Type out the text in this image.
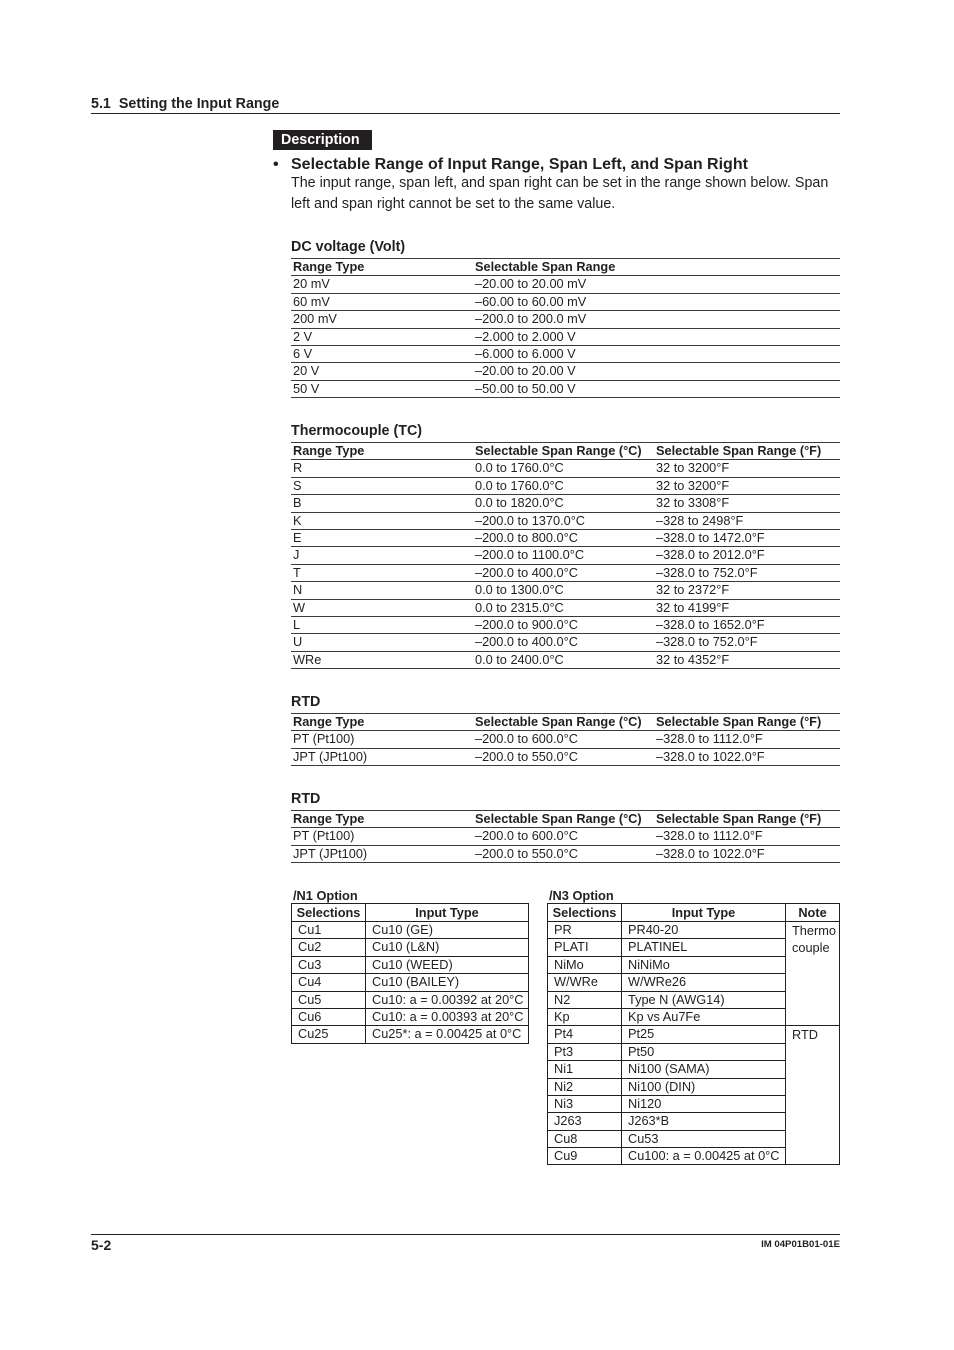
5.1 Setting the Input Range
Description
• Selectable Range of Input Range, Span Left, and Span Right
The input range, span left, and span right can be set in the range shown below. Span
left and span right cannot be set to the same value.
DC voltage (Volt)
Range Type	Selectable Span Range
20 mV	–20.00 to 20.00 mV
60 mV	–60.00 to 60.00 mV
200 mV	–200.0 to 200.0 mV
2 V	–2.000 to 2.000 V
6 V	–6.000 to 6.000 V
20 V	–20.00 to 20.00 V
50 V	–50.00 to 50.00 V
Thermocouple (TC)
Range Type	Selectable Span Range (°C)	Selectable Span Range (°F)
R	0.0 to 1760.0°C	32 to 3200°F
S	0.0 to 1760.0°C	32 to 3200°F
B	0.0 to 1820.0°C	32 to 3308°F
K	–200.0 to 1370.0°C	–328 to 2498°F
E	–200.0 to 800.0°C	–328.0 to 1472.0°F
J	–200.0 to 1100.0°C	–328.0 to 2012.0°F
T	–200.0 to 400.0°C	–328.0 to 752.0°F
N	0.0 to 1300.0°C	32 to 2372°F
W	0.0 to 2315.0°C	32 to 4199°F
L	–200.0 to 900.0°C	–328.0 to 1652.0°F
U	–200.0 to 400.0°C	–328.0 to 752.0°F
WRe	0.0 to 2400.0°C	32 to 4352°F
RTD
Range Type	Selectable Span Range (°C)	Selectable Span Range (°F)
PT (Pt100)	–200.0 to 600.0°C	–328.0 to 1112.0°F
JPT (JPt100)	–200.0 to 550.0°C	–328.0 to 1022.0°F
RTD
Range Type	Selectable Span Range (°C)	Selectable Span Range (°F)
PT (Pt100)	–200.0 to 600.0°C	–328.0 to 1112.0°F
JPT (JPt100)	–200.0 to 550.0°C	–328.0 to 1022.0°F
/N1 Option
Selections	Input Type
Cu1	Cu10 (GE)
Cu2	Cu10 (L&N)
Cu3	Cu10 (WEED)
Cu4	Cu10 (BAILEY)
Cu5	Cu10: a = 0.00392 at 20°C
Cu6	Cu10: a = 0.00393 at 20°C
Cu25	Cu25*: a = 0.00425 at 0°C
/N3 Option
Selections	Input Type	Note
PR	PR40-20	Thermo couple
PLATI	PLATINEL
NiMo	NiNiMo
W/WRe	W/WRe26
N2	Type N (AWG14)
Kp	Kp vs Au7Fe
Pt4	Pt25	RTD
Pt3	Pt50
Ni1	Ni100 (SAMA)
Ni2	Ni100 (DIN)
Ni3	Ni120
J263	J263*B
Cu8	Cu53
Cu9	Cu100: a = 0.00425 at 0°C
5-2	IM 04P01B01-01E
